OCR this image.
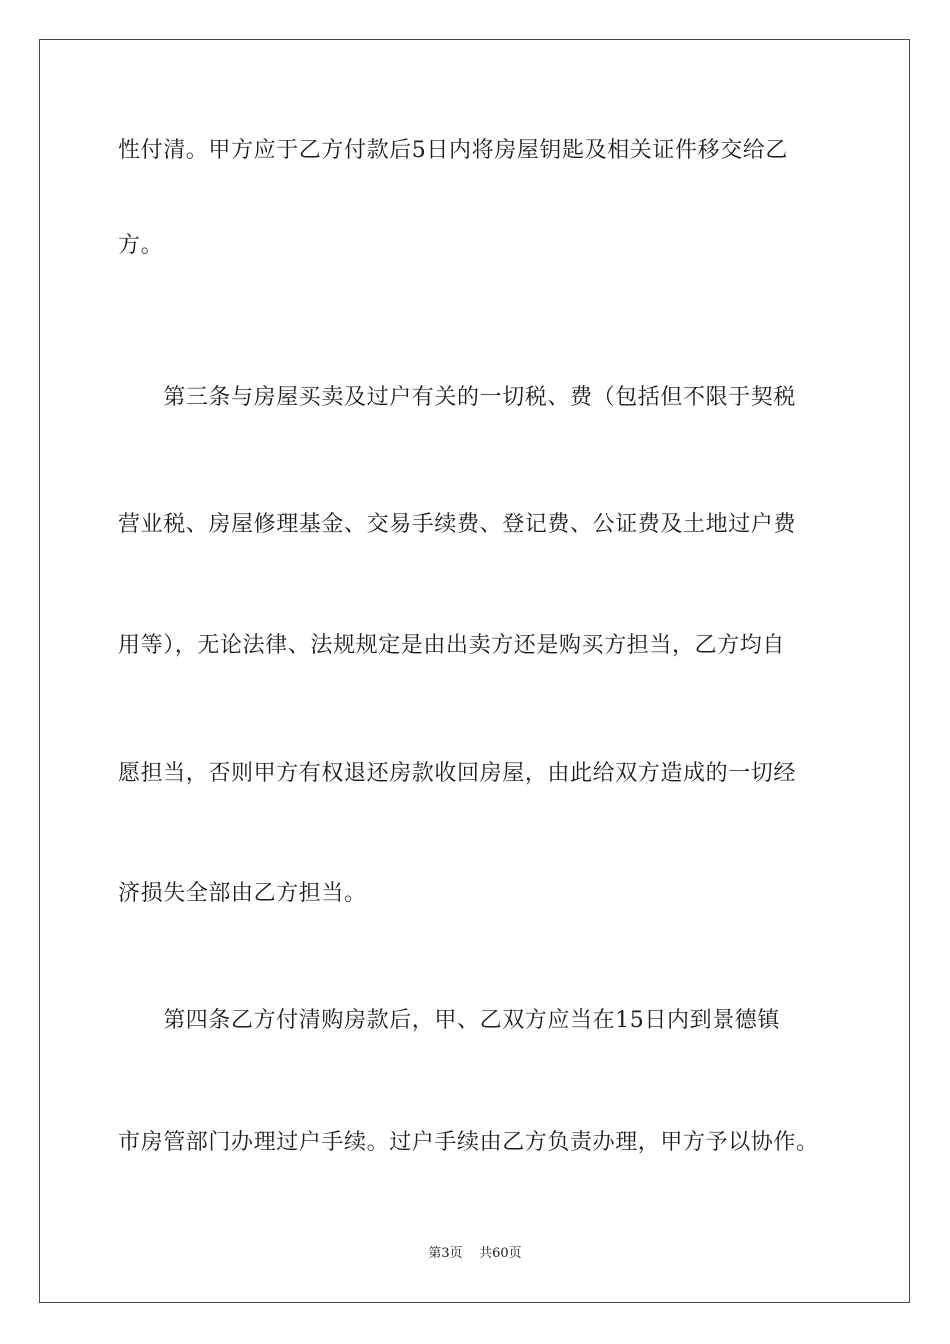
性付清。甲方应于乙方付款后5日内将房屋钥匙及相关证件移交给乙
方。
　　第三条与房屋买卖及过户有关的一切税、费（包括但不限于契税
营业税、房屋修理基金、交易手续费、登记费、公证费及土地过户费
用等），无论法律、法规规定是由出卖方还是购买方担当，乙方均自
愿担当，否则甲方有权退还房款收回房屋，由此给双方造成的一切经
济损失全部由乙方担当。
　　第四条乙方付清购房款后，甲、乙双方应当在15日内到景德镇
市房管部门办理过户手续。过户手续由乙方负责办理，甲方予以协作。
第3页 共60页
